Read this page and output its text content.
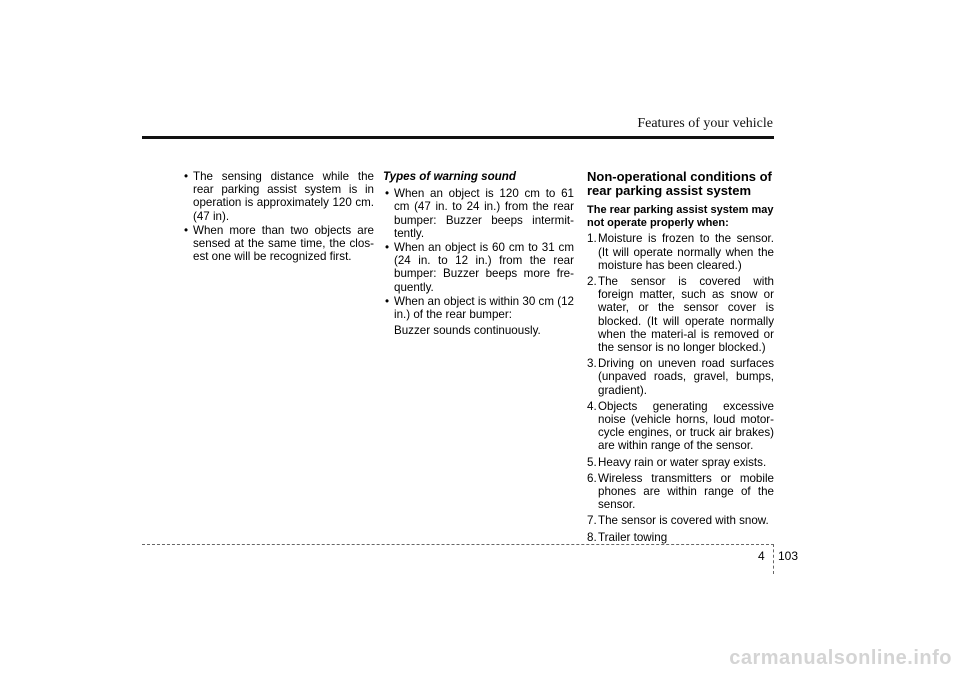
Features of your vehicle
• The sensing distance while the rear parking assist system is in operation is approximately 120 cm. (47 in).
• When more than two objects are sensed at the same time, the clos-est one will be recognized first.
Types of warning sound
• When an object is 120 cm to 61 cm (47 in. to 24 in.) from the rear bumper: Buzzer beeps intermit-tently.
• When an object is 60 cm to 31 cm (24 in. to 12 in.) from the rear bumper: Buzzer beeps more fre-quently.
• When an object is within 30 cm (12 in.) of the rear bumper:
Buzzer sounds continuously.
Non-operational conditions of rear parking assist system
The rear parking assist system may not operate properly when:
1. Moisture is frozen to the sensor. (It will operate normally when the moisture has been cleared.)
2. The sensor is covered with foreign matter, such as snow or water, or the sensor cover is blocked. (It will operate normally when the materi-al is removed or the sensor is no longer blocked.)
3. Driving on uneven road surfaces (unpaved roads, gravel, bumps, gradient).
4. Objects generating excessive noise (vehicle horns, loud motor-cycle engines, or truck air brakes) are within range of the sensor.
5. Heavy rain or water spray exists.
6. Wireless transmitters or mobile phones are within range of the sensor.
7. The sensor is covered with snow.
8. Trailer towing
4 103
carmanualsonline.info
